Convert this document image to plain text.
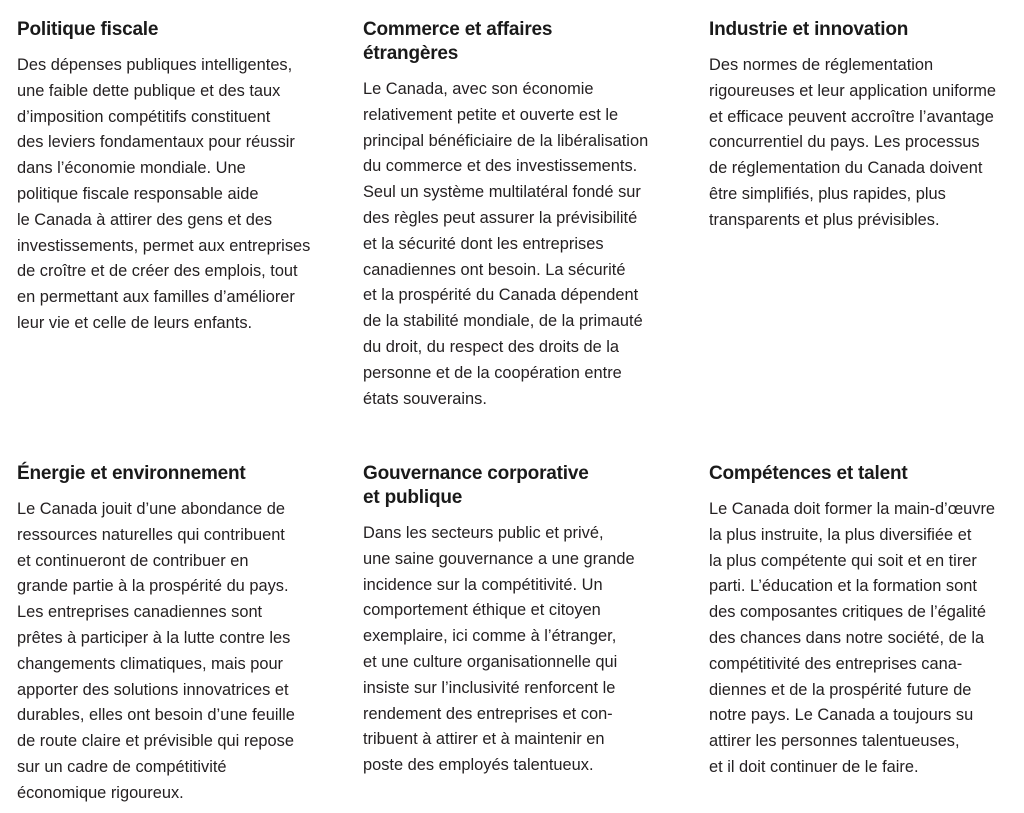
Politique fiscale

Des dépenses publiques intelligentes,
une faible dette publique et des taux
d’imposition compétitifs constituent
des leviers fondamentaux pour réussir
dans l’économie mondiale. Une
politique fiscale responsable aide
le Canada à attirer des gens et des
investissements, permet aux entreprises
de croître et de créer des emplois, tout
en permettant aux familles d’améliorer
leur vie et celle de leurs enfants.

Commerce et affaires
étrangères

Le Canada, avec son économie
relativement petite et ouverte est le
principal bénéficiaire de la libéralisation
du commerce et des investissements.
Seul un système multilatéral fondé sur
des règles peut assurer la prévisibilité
et la sécurité dont les entreprises
canadiennes ont besoin. La sécurité
et la prospérité du Canada dépendent
de la stabilité mondiale, de la primauté
du droit, du respect des droits de la
personne et de la coopération entre
états souverains.

Industrie et innovation

Des normes de réglementation
rigoureuses et leur application uniforme
et efficace peuvent accroître l’avantage
concurrentiel du pays. Les processus
de réglementation du Canada doivent
être simplifiés, plus rapides, plus
transparents et plus prévisibles.

Énergie et environnement

Le Canada jouit d’une abondance de
ressources naturelles qui contribuent
et continueront de contribuer en
grande partie à la prospérité du pays.
Les entreprises canadiennes sont
prêtes à participer à la lutte contre les
changements climatiques, mais pour
apporter des solutions innovatrices et
durables, elles ont besoin d’une feuille
de route claire et prévisible qui repose
sur un cadre de compétitivité
économique rigoureux.

Gouvernance corporative
et publique

Dans les secteurs public et privé,
une saine gouvernance a une grande
incidence sur la compétitivité. Un
comportement éthique et citoyen
exemplaire, ici comme à l’étranger,
et une culture organisationnelle qui
insiste sur l’inclusivité renforcent le
rendement des entreprises et con-
tribuent à attirer et à maintenir en
poste des employés talentueux.

Compétences et talent

Le Canada doit former la main-d’œuvre
la plus instruite, la plus diversifiée et
la plus compétente qui soit et en tirer
parti. L’éducation et la formation sont
des composantes critiques de l’égalité
des chances dans notre société, de la
compétitivité des entreprises cana-
diennes et de la prospérité future de
notre pays. Le Canada a toujours su
attirer les personnes talentueuses,
et il doit continuer de le faire.
